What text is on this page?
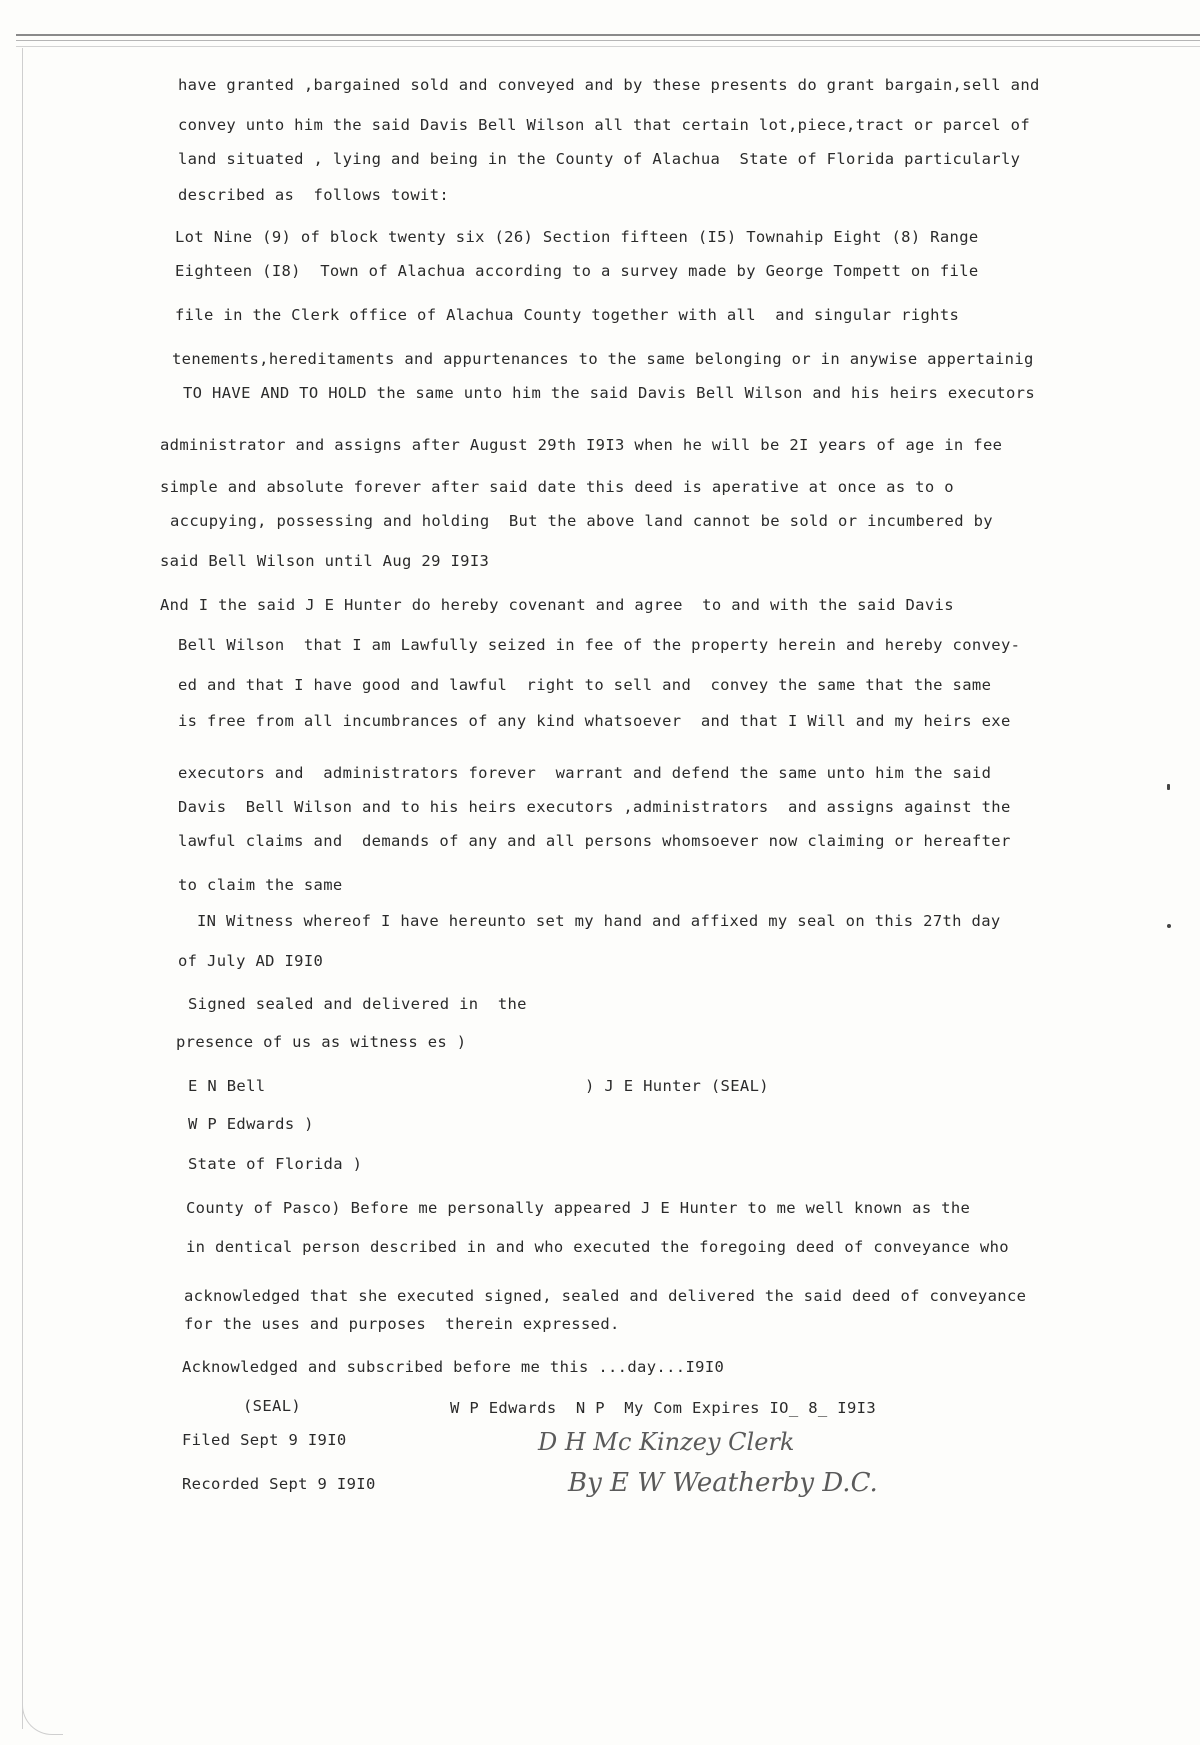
have granted ,bargained sold and conveyed and by these presents do grant bargain,sell and
convey unto him the said Davis Bell Wilson all that certain lot,piece,tract or parcel of
land situated , lying and being in the County of Alachua  State of Florida particularly
described as  follows towit:
Lot Nine (9) of block twenty six (26) Section fifteen (I5) Townahip Eight (8) Range
Eighteen (I8)  Town of Alachua according to a survey made by George Tompett on file
file in the Clerk office of Alachua County together with all  and singular rights
tenements,hereditaments and appurtenances to the same belonging or in anywise appertainig
TO HAVE AND TO HOLD the same unto him the said Davis Bell Wilson and his heirs executors
administrator and assigns after August 29th I9I3 when he will be 2I years of age in fee
simple and absolute forever after said date this deed is aperative at once as to o
accupying, possessing and holding  But the above land cannot be sold or incumbered by
said Bell Wilson until Aug 29 I9I3
And I the said J E Hunter do hereby covenant and agree  to and with the said Davis
Bell Wilson  that I am Lawfully seized in fee of the property herein and hereby convey-
ed and that I have good and lawful  right to sell and  convey the same that the same
is free from all incumbrances of any kind whatsoever  and that I Will and my heirs exe
executors and  administrators forever  warrant and defend the same unto him the said
Davis  Bell Wilson and to his heirs executors ,administrators  and assigns against the
lawful claims and  demands of any and all persons whomsoever now claiming or hereafter
to claim the same
IN Witness whereof I have hereunto set my hand and affixed my seal on this 27th day
of July AD I9I0
Signed sealed and delivered in  the
presence of us as witness es )
E N Bell	) J E Hunter (SEAL)
W P Edwards )
State of Florida )
County of Pasco) Before me personally appeared J E Hunter to me well known as the
in dentical person described in and who executed the foregoing deed of conveyance who
acknowledged that she executed signed, sealed and delivered the said deed of conveyance
for the uses and purposes  therein expressed.
Acknowledged and subscribed before me this ...day...I9I0
(SEAL)	W P Edwards  N P  My Com Expires IO_ 8_ I9I3
Filed Sept 9 I9I0
Recorded Sept 9 I9I0
D H Mc Kinzey Clerk
By E W Weatherby D.C.
